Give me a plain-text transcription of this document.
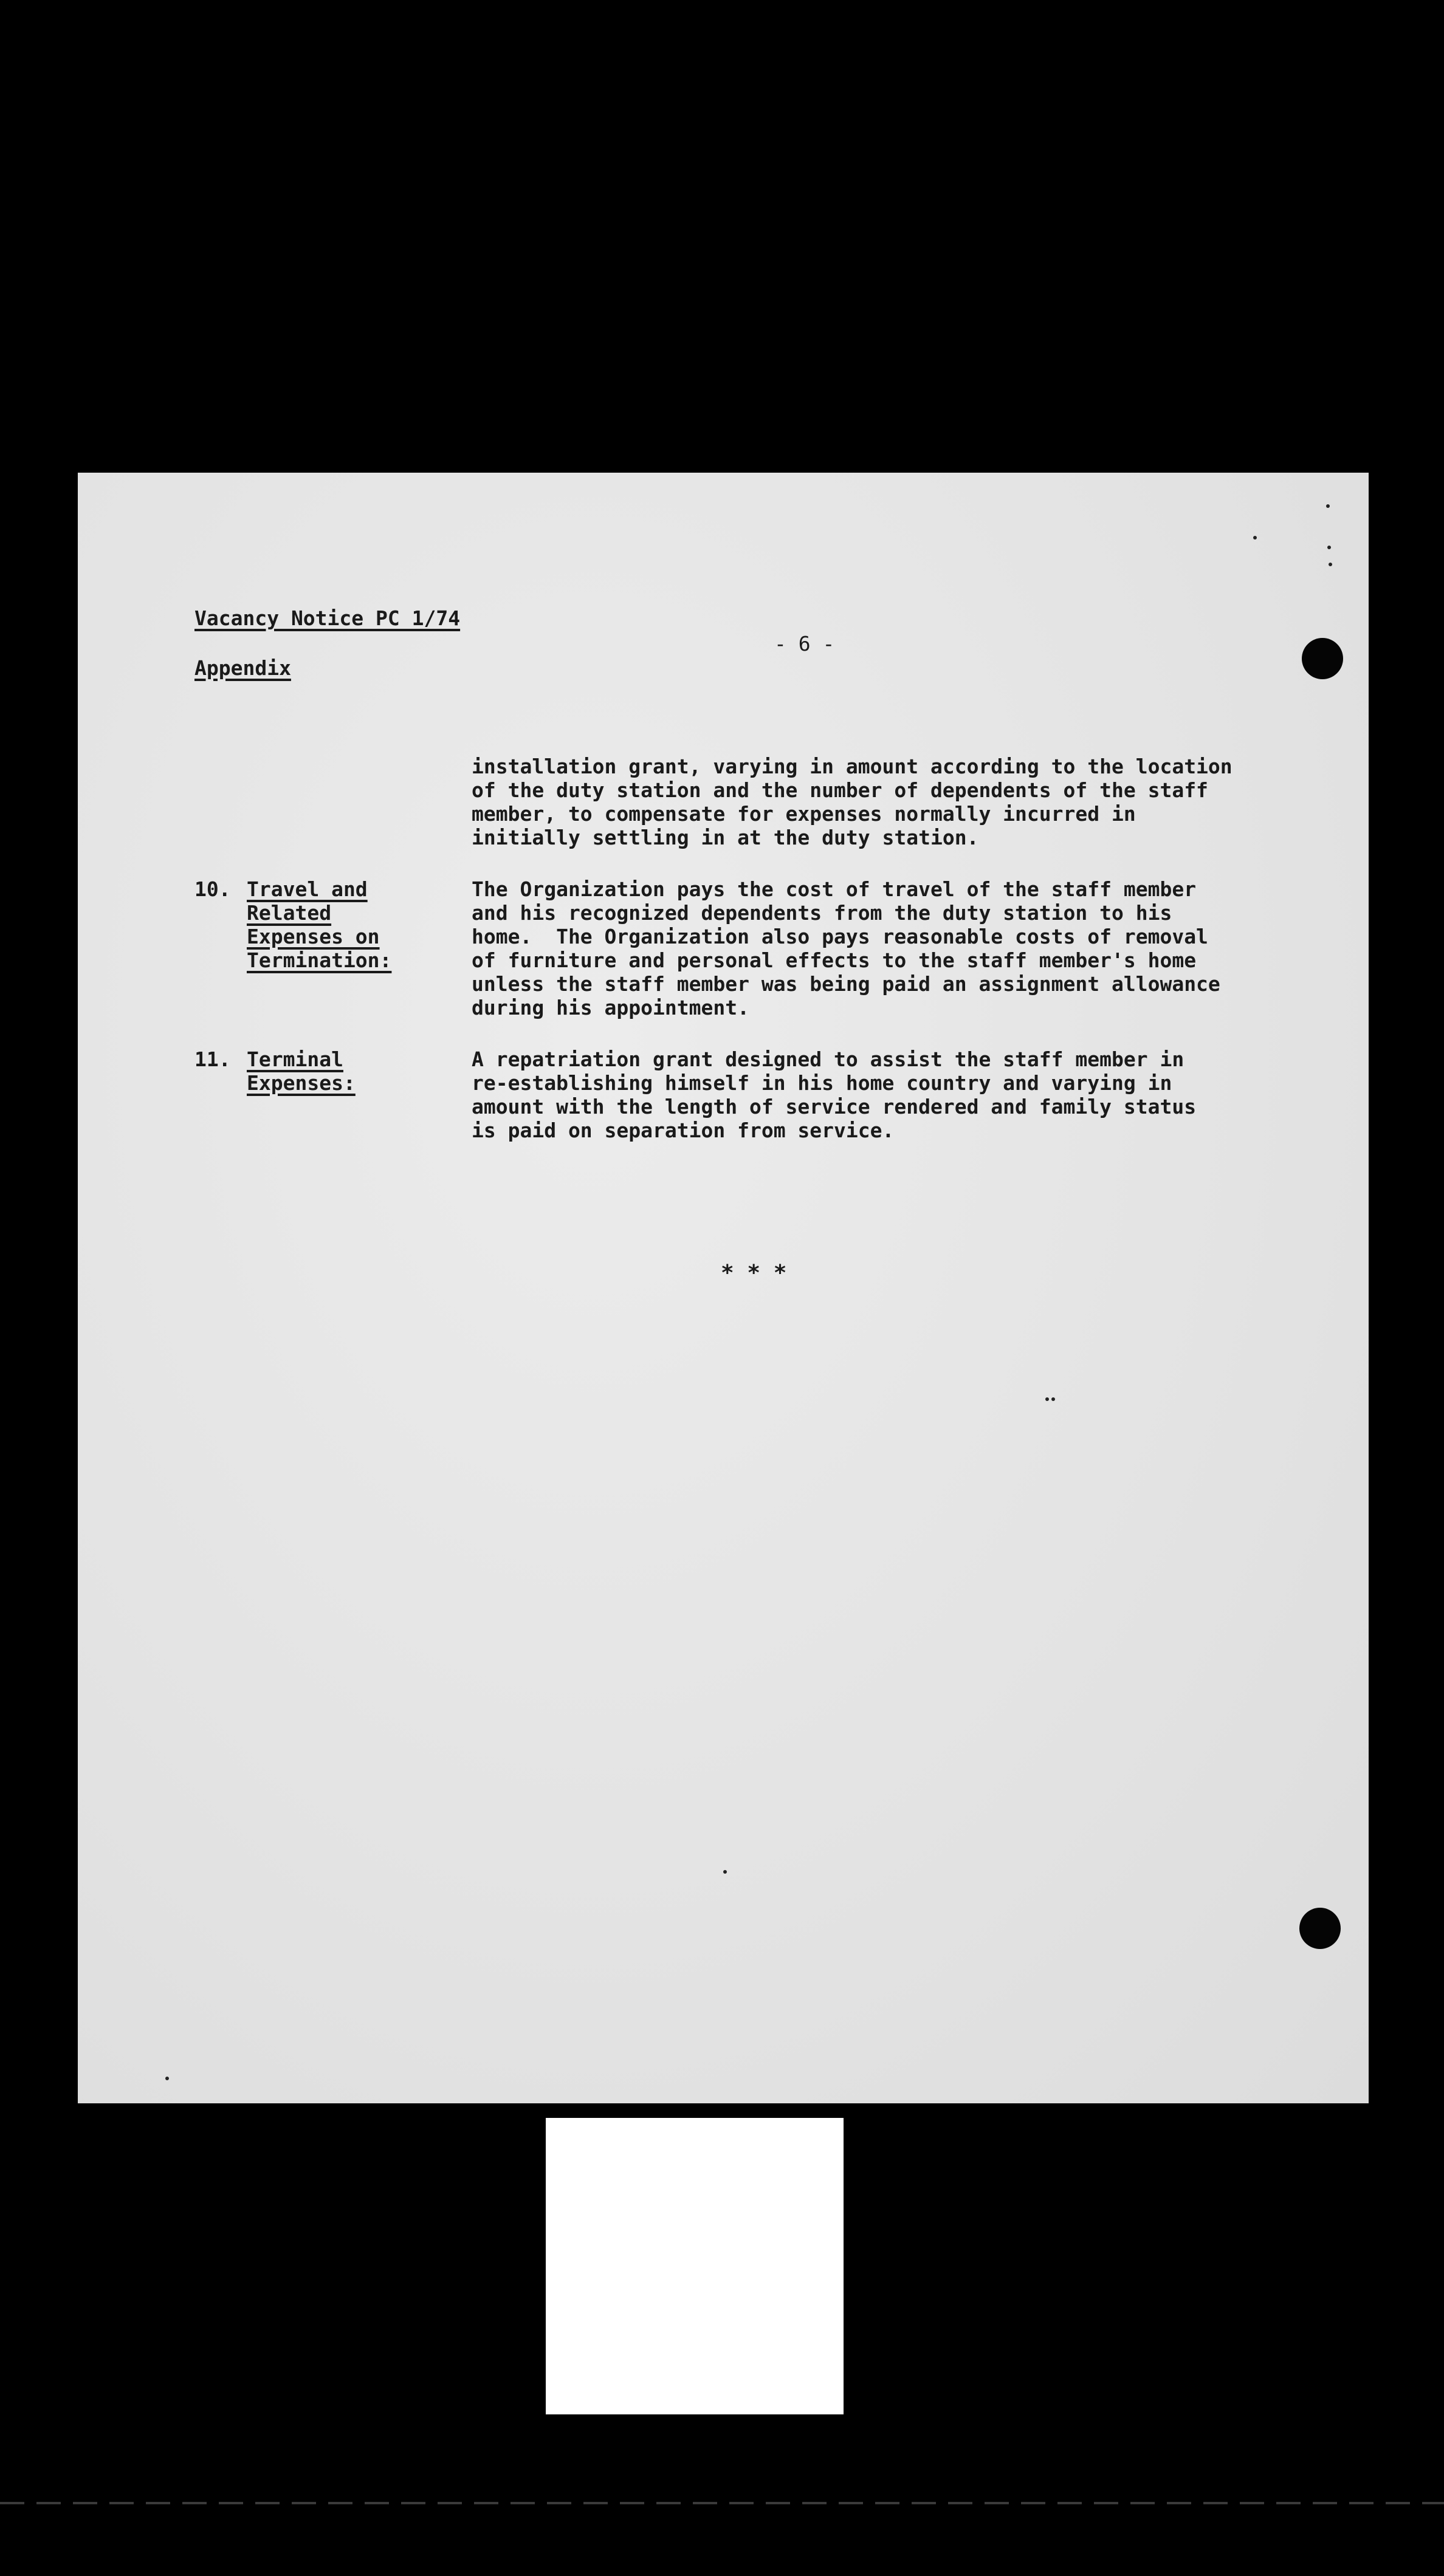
Vacancy Notice PC 1/74
Appendix
- 6 -
installation grant, varying in amount according to the location
of the duty station and the number of dependents of the staff
member, to compensate for expenses normally incurred in
initially settling in at the duty station.
10. Travel and
Related
Expenses on
Termination:
The Organization pays the cost of travel of the staff member
and his recognized dependents from the duty station to his
home.  The Organization also pays reasonable costs of removal
of furniture and personal effects to the staff member's home
unless the staff member was being paid an assignment allowance
during his appointment.
11. Terminal
Expenses:
A repatriation grant designed to assist the staff member in
re-establishing himself in his home country and varying in
amount with the length of service rendered and family status
is paid on separation from service.
* * *
